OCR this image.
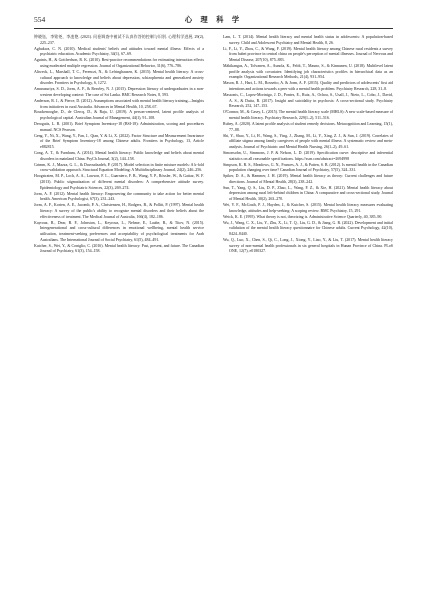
554	心 理 科 学

钟晓钰，李铭尧，李凌艳. (2021). 问卷调查中被试不认真作答的控制与识别. 心理科学进展, 29(2), 225–237.

Aghukwa, C. N. (2010). Medical students' beliefs and attitudes toward mental illness: Effects of a psychiatric education. Academic Psychiatry, 34(1), 67–69.

Aguinis, H., & Gottfredson, R. K. (2010). Best-practice recommendations for estimating interaction effects using moderated multiple regression. Journal of Organizational Behavior, 31(6), 776–786.

Altweck, L., Marshall, T. C., Ferenczi, N., & Lefringhausen, K. (2015). Mental health literacy: A cross-cultural approach to knowledge and beliefs about depression, schizophrenia and generalized anxiety disorder. Frontiers in Psychology, 6, 1272.

Amarasuriya, S. D., Jorm, A. F., & Reavley, N. J. (2015). Depression literacy of undergraduates in a non-western developing context: The case of Sri Lanka. BMC Research Notes, 8, 593.

Anderson, R. J., & Pierce, D. (2012). Assumptions associated with mental health literacy training—Insights from initiatives in rural Australia. Advances in Mental Health, 10, 258–67.

Bouckenooghe, D., de Clercq, D., & Raja, U. (2019). A person-centered, latent profile analysis of psychological capital. Australian Journal of Management, 44(1), 91–108.

Derogatis, L. R. (2001). Brief Symptom Inventory-18 (BSI-18): Administration, scoring and procedures manual. NCS Pearson.

Geng, Y., Ni, X., Wang, Y., Fan, J., Qian, Y. & Li, X. (2022). Factor Structure and Measurement Invariance of the Brief Symptom Inventory-18 among Chinese adults. Frontiers in Psychology, 13, Article e882815.

Gong, A. T., & Furnham, A. (2014). Mental health literacy: Public knowledge and beliefs about mental disorders in mainland China. PsyCh Journal, 3(2), 144–158.

Grimm, K. J., Mazza, G. L., & Davoudzadeh, P. (2017). Model selection in finite mixture models: A k-fold cross-validation approach. Structural Equation Modeling: A Multidisciplinary Journal, 24(2), 246–256.

Hoogstraten, M. P., Loch, A. A., Lawson, F. L., Guarniero, F. B., Wang, Y. P., Rössler, W., & Gattaz, W. F. (2013). Public stigmatization of different mental disorders: A comprehensive attitude survey. Epidemiology and Psychiatric Sciences, 22(3), 269–274.

Jorm, A. F. (2012). Mental health literacy: Empowering the community to take action for better mental health. American Psychologist, 67(3), 231–243.

Jorm, A. F., Korten, A. E., Jacomb, P. A., Christensen, H., Rodgers, B., & Pollitt, P. (1997). Mental health literacy: A survey of the public's ability to recognise mental disorders and their beliefs about the effectiveness of treatment. The Medical Journal of Australia, 166(4), 182–186.

Kayrouz, R., Dear, B. F., Johnston, L., Keyrouz, L., Nehme, E., Laube, R., & Titov, N. (2015). Intergenerational and cross-cultural differences in emotional wellbeing, mental health service utilisation, treatment-seeking preferences and acceptability of psychological treatments for Arab Australians. The International Journal of Social Psychiatry, 61(5), 484–491.

Kutcher, S., Wei, Y., & Coniglio, C. (2016). Mental health literacy: Past, present, and future. The Canadian Journal of Psychiatry, 61(3), 154–158.

Lam, L. T. (2014). Mental health literacy and mental health status in adolescents: A population-based survey. Child and Adolescent Psychiatry and Mental Health, 8, 26.

Li, F., Li, Y., Zhou, C., & Wang, F. (2019). Mental health literacy among Chinese rural residents a survey from hubei province in central china on people's perception of mental illnesses. Journal of Nervous and Mental Disease, 207(10), 875–883.

Mäkikangas, A., Tolvanen, A., Aunola, K., Feldt, T., Mauno, S., & Kinnunen, U. (2018). Multilevel latent profile analysis with covariates: Identifying job characteristics profiles in hierarchical data as an example. Organizational Research Methods, 21(4), 931–954.

Mason, R. J., Hart, L. M., Rossetto, A. & Jorm, A. F. (2015). Quality and predictors of adolescents' first aid intentions and actions towards a peer with a mental health problem. Psychiatry Research, 228, 31–8.

Massonis, C., Lopez-Morinigo, J. D., Pontes, E., Ruiz, A., Ochoa, S., Usall, J., Nieto, L., Cobo, J., David, A. S., & Dutta, R. (2017). Insight and suicidality in psychosis: A cross-sectional study. Psychiatry Research, 252, 147–153.

O'Connor, M., & Casey, L. (2015). The mental health literacy scale (MHLS): A new scale-based measure of mental health literacy. Psychiatry Research, 229(1–2), 511–516.

Rubey, A. (2020). A latent profile analysis of student remedy decisions. Metacognition and Learning, 15(1), 77–88.

Shi, Y., Shao, Y., Li, H., Wang, S., Ying, J., Zhang, M., Li, Y., Xing, Z. J., & Sun, J. (2019). Correlates of affiliate stigma among family caregivers of people with mental illness: A systematic review and meta-analysis. Journal of Psychiatric and Mental Health Nursing, 26(1–2), 49–61.

Simonsohn, U., Simmons, J. P. & Nelson, L. D. (2019). Specification curve: descriptive and inferential statistics on all reasonable specifications. https://ssrn.com/abstract=2694998

Simpson, K. R. S., Meadows, G. N., Frances, A. J., & Patten, S. B. (2012). Is mental health in the Canadian population changing over time? Canadian Journal of Psychiatry, 57(5), 324–331.

Spiker, D. A., & Hammer, J. H. (2019). Mental health literacy as theory: Current challenges and future directions. Journal of Mental Health, 28(3), 238–242.

Sun, T., Yang, Q. S., Liu, D. P., Zhao, L., Wang, F. Z., & Xie, H. (2021). Mental health literacy about depression among rural left-behind children in China: A comparative and cross-sectional study. Journal of Mental Health, 30(2), 263–270.

Wei, Y. F., McGrath, P. J., Hayden, J., & Kutcher, S. (2015). Mental health literacy measures evaluating knowledge, attitudes and help-seeking: A scoping review. BMC Psychiatry, 15, 291.

Weick, K. E. (1995). What theory is not, theorizing is. Administrative Science Quarterly, 40, 385–90.

Wu, J., Wang, C. X., Liu, Y., Zhu, X., Li, T. Q., Liu, G. D., & Jiang, G. R. (2022). Development and initial validation of the mental health literacy questionnaire for Chinese adults. Current Psychology, 42(10), 8424–8440.

Wu, Q., Luo, X., Chen, S., Qi, C., Long, J., Xiong, Y., Liao, Y., & Liu, T. (2017). Mental health literacy survey of non-mental health professionals in six general hospitals in Hunan Province of China. PLoS ONE, 12(7), e0180327.
